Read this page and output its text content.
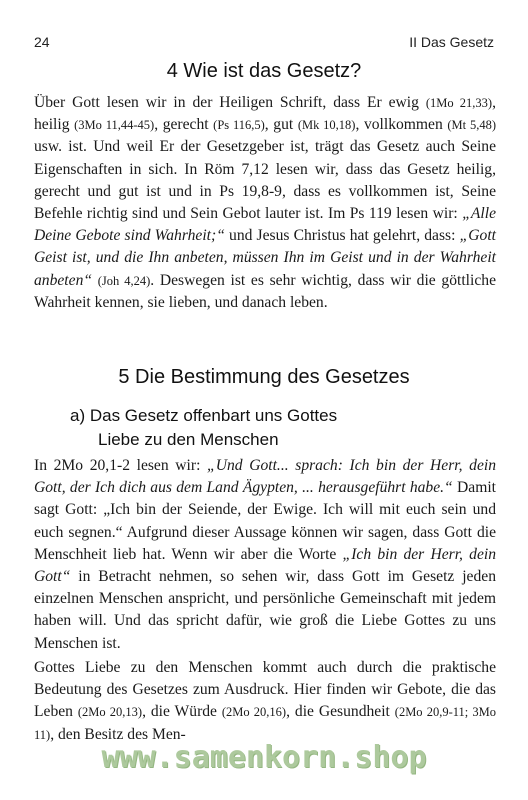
24	II Das Gesetz
4 Wie ist das Gesetz?

Über Gott lesen wir in der Heiligen Schrift, dass Er ewig (1Mo 21,33), heilig (3Mo 11,44-45), gerecht (Ps 116,5), gut (Mk 10,18), vollkommen (Mt 5,48) usw. ist. Und weil Er der Gesetzgeber ist, trägt das Gesetz auch Seine Eigenschaften in sich. In Röm 7,12 lesen wir, dass das Gesetz heilig, gerecht und gut ist und in Ps 19,8-9, dass es vollkommen ist, Seine Befehle richtig sind und Sein Gebot lauter ist. Im Ps 119 lesen wir: „Alle Deine Gebote sind Wahrheit;“ und Jesus Christus hat gelehrt, dass: „Gott Geist ist, und die Ihn anbeten, müssen Ihn im Geist und in der Wahrheit anbeten“ (Joh 4,24). Deswegen ist es sehr wichtig, dass wir die göttliche Wahrheit kennen, sie lieben, und danach leben.

5 Die Bestimmung des Gesetzes
a) Das Gesetz offenbart uns Gottes
Liebe zu den Menschen

In 2Mo 20,1-2 lesen wir: „Und Gott... sprach: Ich bin der Herr, dein Gott, der Ich dich aus dem Land Ägypten, ... herausgeführt habe.“ Damit sagt Gott: „Ich bin der Seiende, der Ewige. Ich will mit euch sein und euch segnen.“ Aufgrund dieser Aussage können wir sagen, dass Gott die Menschheit lieb hat. Wenn wir aber die Worte „Ich bin der Herr, dein Gott“ in Betracht nehmen, so sehen wir, dass Gott im Gesetz jeden einzelnen Menschen anspricht, und persönliche Gemeinschaft mit jedem haben will. Und das spricht dafür, wie groß die Liebe Gottes zu uns Menschen ist.

Gottes Liebe zu den Menschen kommt auch durch die praktische Bedeutung des Gesetzes zum Ausdruck. Hier finden wir Gebote, die das Leben (2Mo 20,13), die Würde (2Mo 20,16), die Gesundheit (2Mo 20,9-11; 3Mo 11), den Besitz des Men-

www.samenkorn.shop
